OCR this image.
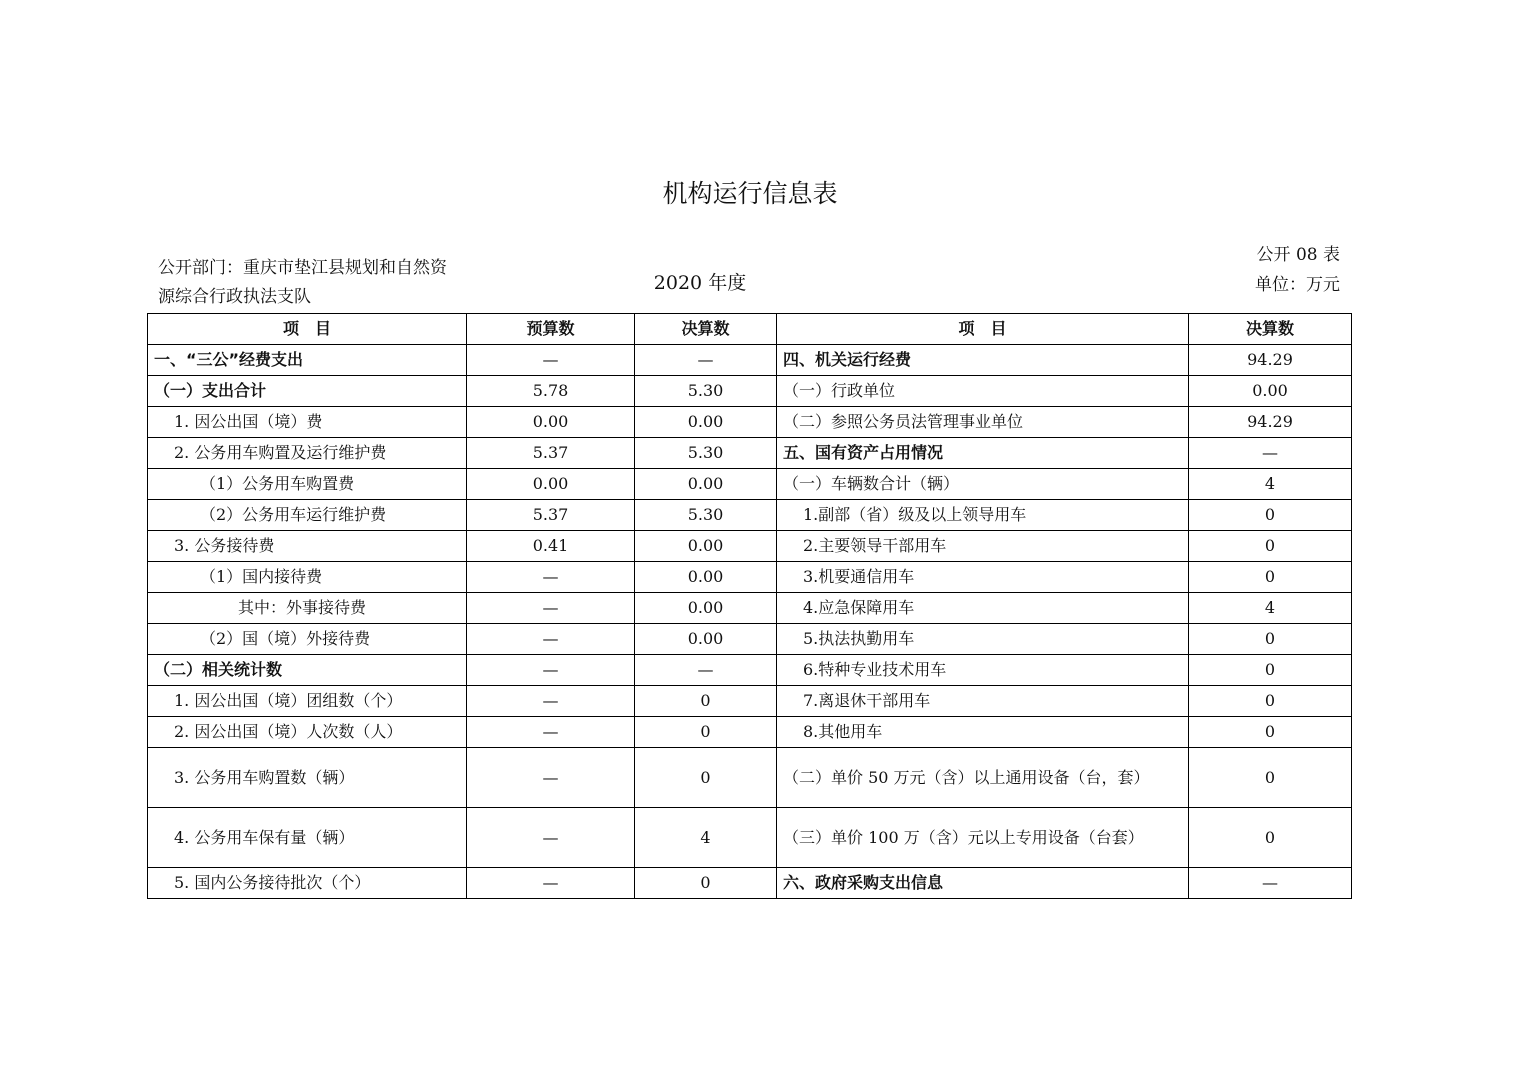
机构运行信息表
公开部门：重庆市垫江县规划和自然资源综合行政执法支队
2020 年度
公开 08 表
单位：万元
项　目	预算数	决算数	项　目	决算数
一、“三公”经费支出	—	—	四、机关运行经费	94.29
（一）支出合计	5.78	5.30	（一）行政单位	0.00
1. 因公出国（境）费	0.00	0.00	（二）参照公务员法管理事业单位	94.29
2. 公务用车购置及运行维护费	5.37	5.30	五、国有资产占用情况	—
（1）公务用车购置费	0.00	0.00	（一）车辆数合计（辆）	4
（2）公务用车运行维护费	5.37	5.30	1.副部（省）级及以上领导用车	0
3. 公务接待费	0.41	0.00	2.主要领导干部用车	0
（1）国内接待费	—	0.00	3.机要通信用车	0
其中：外事接待费	—	0.00	4.应急保障用车	4
（2）国（境）外接待费	—	0.00	5.执法执勤用车	0
（二）相关统计数	—	—	6.特种专业技术用车	0
1. 因公出国（境）团组数（个）	—	0	7.离退休干部用车	0
2. 因公出国（境）人次数（人）	—	0	8.其他用车	0
3. 公务用车购置数（辆）	—	0	（二）单价 50 万元（含）以上通用设备（台，套）	0
4. 公务用车保有量（辆）	—	4	（三）单价 100 万（含）元以上专用设备（台套）	0
5. 国内公务接待批次（个）	—	0	六、政府采购支出信息	—
